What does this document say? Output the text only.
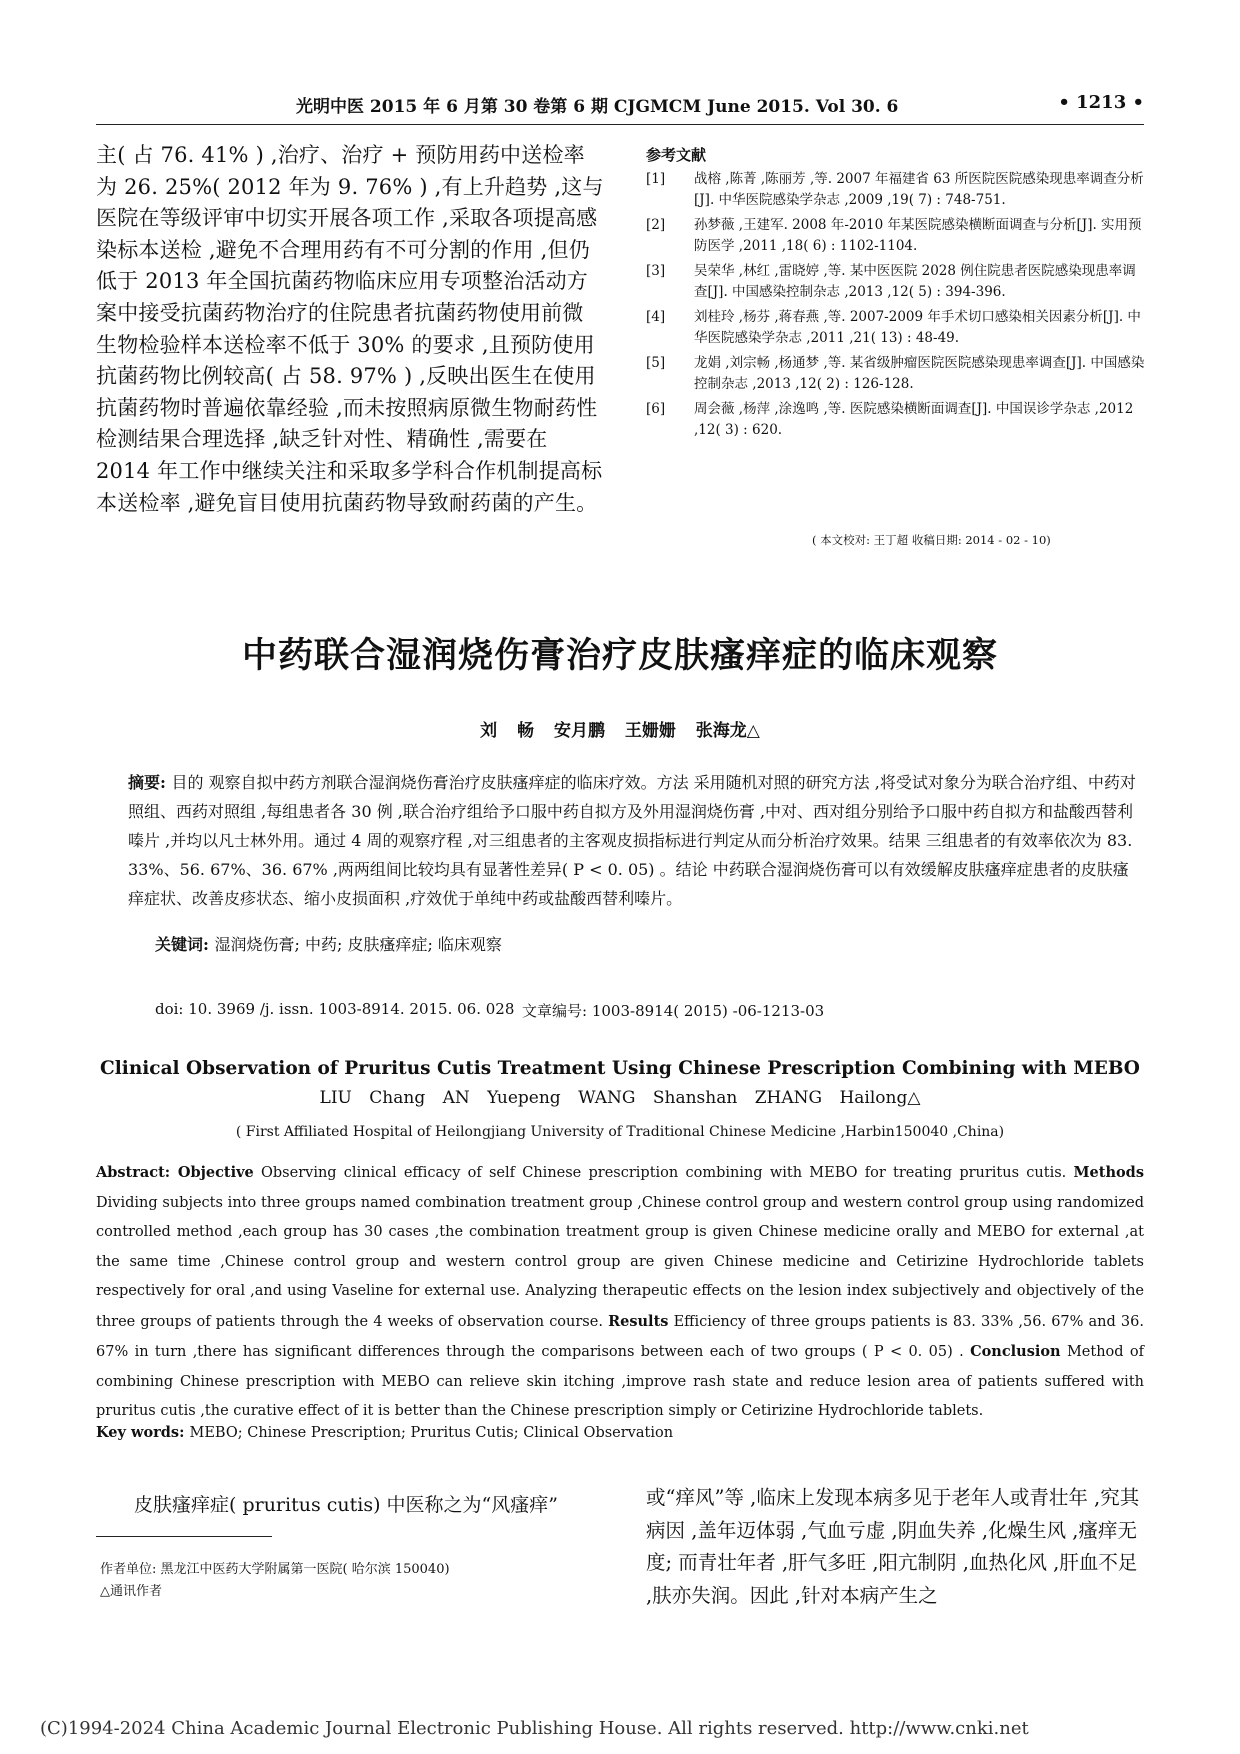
光明中医 2015 年 6 月第 30 卷第 6 期 CJGMCM June 2015. Vol 30. 6	• 1213 •

主( 占 76. 41% ) ,治疗、治疗 + 预防用药中送检率为 26. 25%( 2012 年为 9. 76% ) ,有上升趋势 ,这与医院在等级评审中切实开展各项工作 ,采取各项提高感染标本送检 ,避免不合理用药有不可分割的作用 ,但仍低于 2013 年全国抗菌药物临床应用专项整治活动方案中接受抗菌药物治疗的住院患者抗菌药物使用前微生物检验样本送检率不低于 30% 的要求 ,且预防使用抗菌药物比例较高( 占 58. 97% ) ,反映出医生在使用抗菌药物时普遍依靠经验 ,而未按照病原微生物耐药性检测结果合理选择 ,缺乏针对性、精确性 ,需要在 2014 年工作中继续关注和采取多学科合作机制提高标本送检率 ,避免盲目使用抗菌药物导致耐药菌的产生。

参考文献
[1] 战榕 ,陈菁 ,陈丽芳 ,等. 2007 年福建省 63 所医院医院感染现患率调查分析[J]. 中华医院感染学杂志 ,2009 ,19( 7) : 748-751.
[2] 孙梦薇 ,王建军. 2008 年-2010 年某医院感染横断面调查与分析[J]. 实用预防医学 ,2011 ,18( 6) : 1102-1104.
[3] 吴荣华 ,林红 ,雷晓婷 ,等. 某中医医院 2028 例住院患者医院感染现患率调查[J]. 中国感染控制杂志 ,2013 ,12( 5) : 394-396.
[4] 刘桂玲 ,杨芬 ,蒋春燕 ,等. 2007-2009 年手术切口感染相关因素分析[J]. 中华医院感染学杂志 ,2011 ,21( 13) : 48-49.
[5] 龙娟 ,刘宗畅 ,杨通梦 ,等. 某省级肿瘤医院医院感染现患率调查[J]. 中国感染控制杂志 ,2013 ,12( 2) : 126-128.
[6] 周会薇 ,杨萍 ,涂逸鸣 ,等. 医院感染横断面调查[J]. 中国误诊学杂志 ,2012 ,12( 3) : 620.
( 本文校对: 王丁超 收稿日期: 2014 - 02 - 10)
中药联合湿润烧伤膏治疗皮肤瘙痒症的临床观察
刘 畅 安月鹏 王姗姗 张海龙△

摘要: 目的 观察自拟中药方剂联合湿润烧伤膏治疗皮肤瘙痒症的临床疗效。方法 采用随机对照的研究方法 ,将受试对象分为联合治疗组、中药对照组、西药对照组 ,每组患者各 30 例 ,联合治疗组给予口服中药自拟方及外用湿润烧伤膏 ,中对、西对组分别给予口服中药自拟方和盐酸西替利嗪片 ,并均以凡士林外用。通过 4 周的观察疗程 ,对三组患者的主客观皮损指标进行判定从而分析治疗效果。结果 三组患者的有效率依次为 83. 33%、56. 67%、36. 67% ,两两组间比较均具有显著性差异( P < 0. 05) 。结论 中药联合湿润烧伤膏可以有效缓解皮肤瘙痒症患者的皮肤瘙痒症状、改善皮疹状态、缩小皮损面积 ,疗效优于单纯中药或盐酸西替利嗪片。

关键词: 湿润烧伤膏; 中药; 皮肤瘙痒症; 临床观察
doi: 10. 3969 /j. issn. 1003-8914. 2015. 06. 028 文章编号: 1003-8914( 2015) -06-1213-03
Clinical Observation of Pruritus Cutis Treatment Using Chinese Prescription Combining with MEBO
LIU Chang AN Yuepeng WANG Shanshan ZHANG Hailong△
( First Affiliated Hospital of Heilongjiang University of Traditional Chinese Medicine ,Harbin150040 ,China)

Abstract: Objective Observing clinical efficacy of self Chinese prescription combining with MEBO for treating pruritus cutis. Methods Dividing subjects into three groups named combination treatment group ,Chinese control group and western control group using randomized controlled method ,each group has 30 cases ,the combination treatment group is given Chinese medicine orally and MEBO for external ,at the same time ,Chinese control group and western control group are given Chinese medicine and Cetirizine Hydrochloride tablets respectively for oral ,and using Vaseline for external use. Analyzing therapeutic effects on the lesion index subjectively and objectively of the three groups of patients through the 4 weeks of observation course. Results Efficiency of three groups patients is 83. 33% ,56. 67% and 36. 67% in turn ,there has significant differences through the comparisons between each of two groups ( P < 0. 05) . Conclusion Method of combining Chinese prescription with MEBO can relieve skin itching ,improve rash state and reduce lesion area of patients suffered with pruritus cutis ,the curative effect of it is better than the Chinese prescription simply or Cetirizine Hydrochloride tablets.

Key words: MEBO; Chinese Prescription; Pruritus Cutis; Clinical Observation

皮肤瘙痒症( pruritus cutis) 中医称之为“风瘙痒”

作者单位: 黑龙江中医药大学附属第一医院( 哈尔滨 150040)
△通讯作者

或“痒风”等 ,临床上发现本病多见于老年人或青壮年 ,究其病因 ,盖年迈体弱 ,气血亏虚 ,阴血失养 ,化燥生风 ,瘙痒无度; 而青壮年者 ,肝气多旺 ,阳亢制阴 ,血热化风 ,肝血不足 ,肤亦失润。因此 ,针对本病产生之

(C)1994-2024 China Academic Journal Electronic Publishing House. All rights reserved. http://www.cnki.net
